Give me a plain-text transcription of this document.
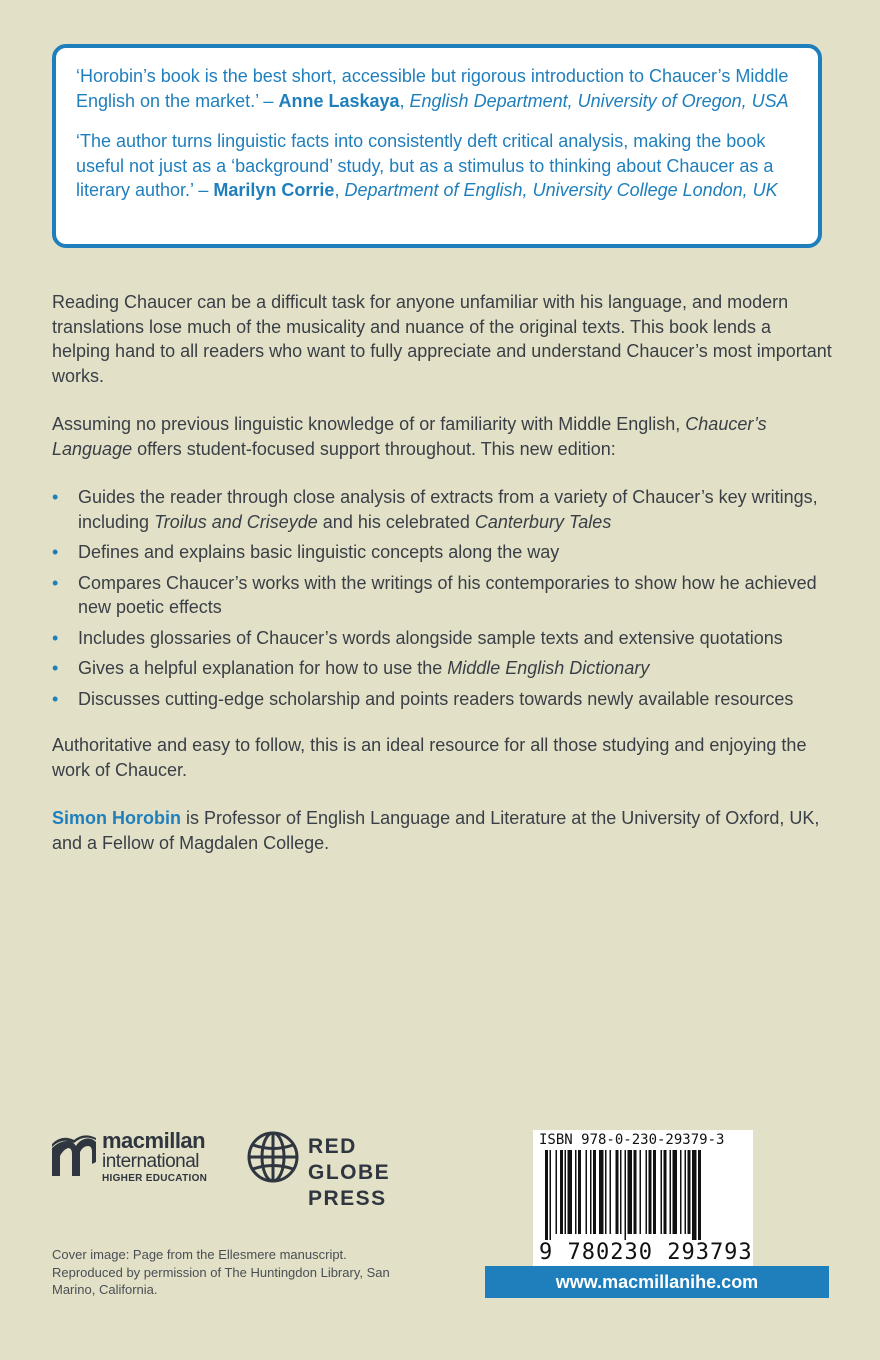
‘Horobin’s book is the best short, accessible but rigorous introduction to Chaucer’s Middle English on the market.’ – Anne Laskaya, English Department, University of Oregon, USA

‘The author turns linguistic facts into consistently deft critical analysis, making the book useful not just as a ‘background’ study, but as a stimulus to thinking about Chaucer as a literary author.’ – Marilyn Corrie, Department of English, University College London, UK

Reading Chaucer can be a difficult task for anyone unfamiliar with his language, and modern translations lose much of the musicality and nuance of the original texts. This book lends a helping hand to all readers who want to fully appreciate and understand Chaucer’s most important works.

Assuming no previous linguistic knowledge of or familiarity with Middle English, Chaucer’s Language offers student-focused support throughout. This new edition:

• Guides the reader through close analysis of extracts from a variety of Chaucer’s key writings, including Troilus and Criseyde and his celebrated Canterbury Tales
• Defines and explains basic linguistic concepts along the way
• Compares Chaucer’s works with the writings of his contemporaries to show how he achieved new poetic effects
• Includes glossaries of Chaucer’s words alongside sample texts and extensive quotations
• Gives a helpful explanation for how to use the Middle English Dictionary
• Discusses cutting-edge scholarship and points readers towards newly available resources

Authoritative and easy to follow, this is an ideal resource for all those studying and enjoying the work of Chaucer.

Simon Horobin is Professor of English Language and Literature at the University of Oxford, UK, and a Fellow of Magdalen College.

macmillan
international
HIGHER EDUCATION
RED GLOBE
PRESS
Cover image: Page from the Ellesmere manuscript. Reproduced by permission of The Huntingdon Library, San Marino, California.
ISBN 978-0-230-29379-3
9 780230 293793
www.macmillanihe.com
